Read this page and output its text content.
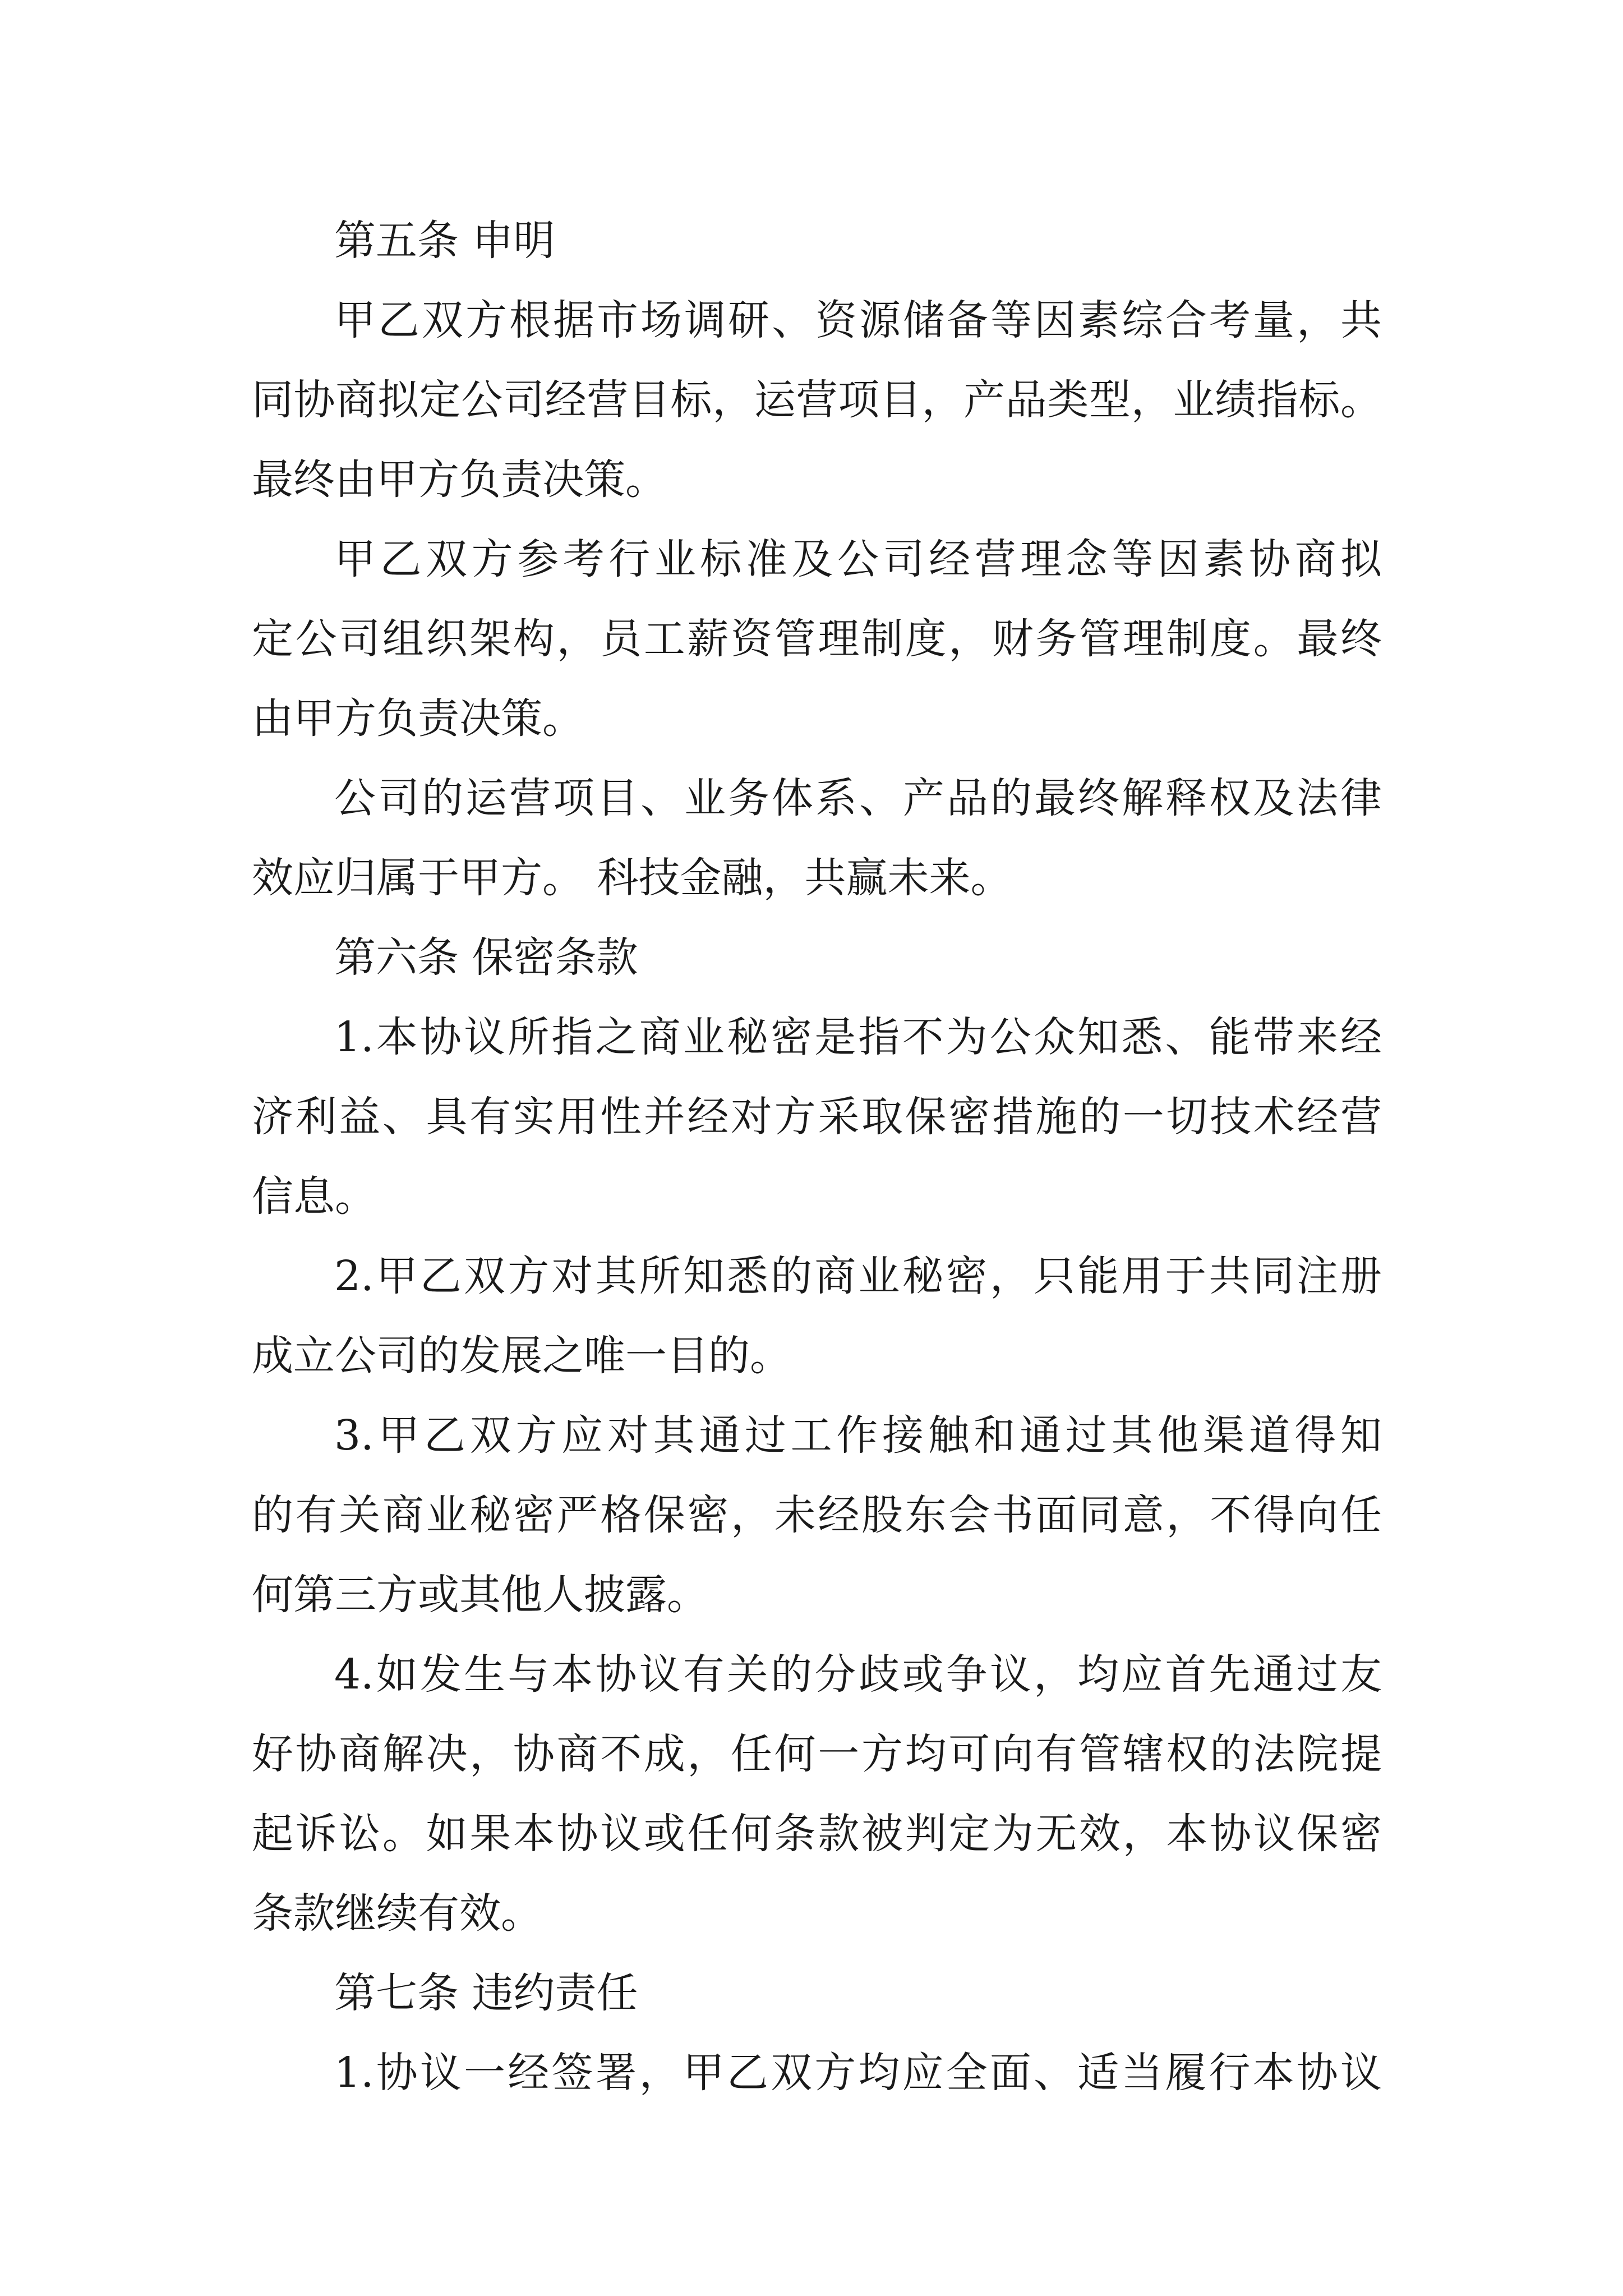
第五条 申明
甲乙双方根据市场调研、资源储备等因素综合考量，共
同协商拟定公司经营目标，运营项目，产品类型，业绩指标。
最终由甲方负责决策。
甲乙双方参考行业标准及公司经营理念等因素协商拟
定公司组织架构，员工薪资管理制度，财务管理制度。最终
由甲方负责决策。
公司的运营项目、业务体系、产品的最终解释权及法律
效应归属于甲方。 科技金融，共赢未来。
第六条 保密条款
1.本协议所指之商业秘密是指不为公众知悉、能带来经
济利益、具有实用性并经对方采取保密措施的一切技术经营
信息。
2.甲乙双方对其所知悉的商业秘密，只能用于共同注册
成立公司的发展之唯一目的。
3.甲乙双方应对其通过工作接触和通过其他渠道得知
的有关商业秘密严格保密，未经股东会书面同意，不得向任
何第三方或其他人披露。
4.如发生与本协议有关的分歧或争议，均应首先通过友
好协商解决，协商不成，任何一方均可向有管辖权的法院提
起诉讼。如果本协议或任何条款被判定为无效，本协议保密
条款继续有效。
第七条 违约责任
1.协议一经签署，甲乙双方均应全面、适当履行本协议
